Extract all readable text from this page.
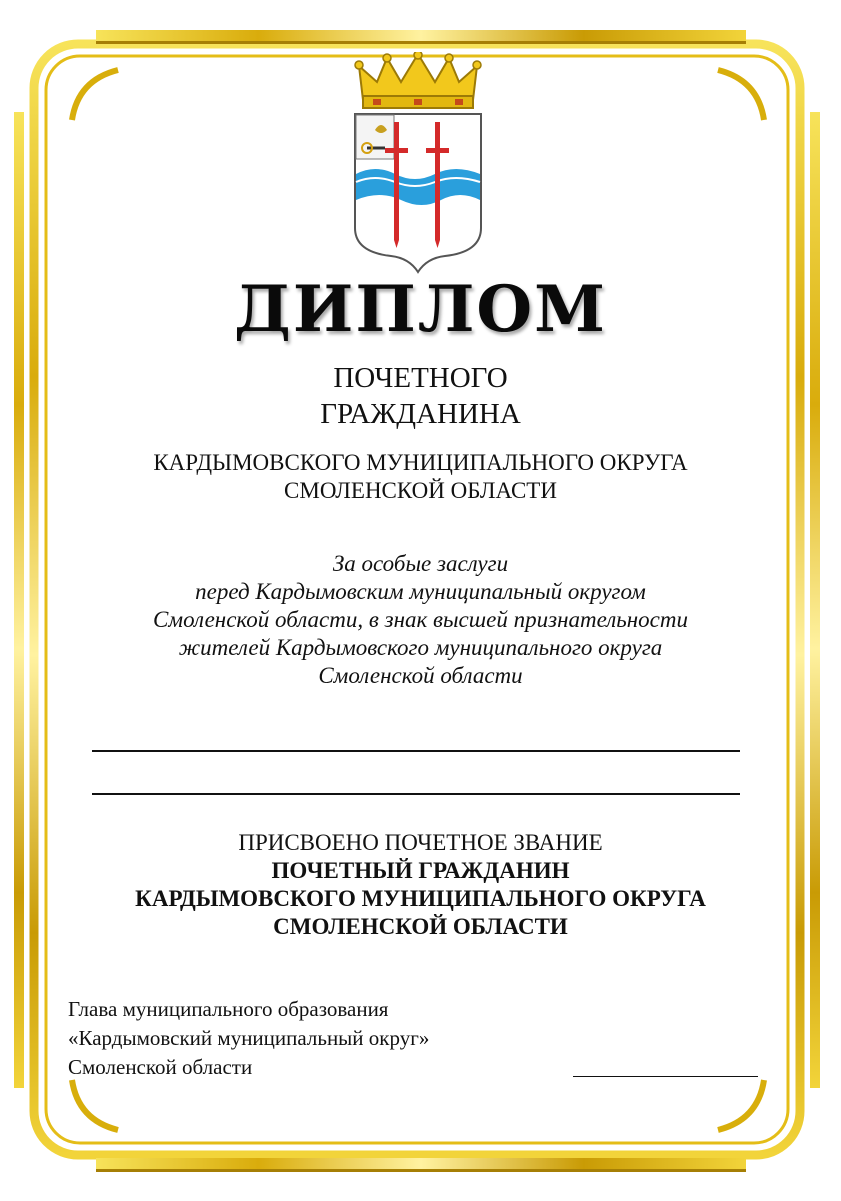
ДИПЛОМ
ПОЧЕТНОГО
ГРАЖДАНИНА
КАРДЫМОВСКОГО МУНИЦИПАЛЬНОГО ОКРУГА
СМОЛЕНСКОЙ ОБЛАСТИ
За особые заслуги
перед Кардымовским муниципальный округом
Смоленской области, в знак высшей признательности
жителей Кардымовского муниципального округа
Смоленской области
ПРИСВОЕНО ПОЧЕТНОЕ ЗВАНИЕ
ПОЧЕТНЫЙ ГРАЖДАНИН
КАРДЫМОВСКОГО МУНИЦИПАЛЬНОГО ОКРУГА
СМОЛЕНСКОЙ ОБЛАСТИ
Глава муниципального образования
«Кардымовский муниципальный округ»
Смоленской области
